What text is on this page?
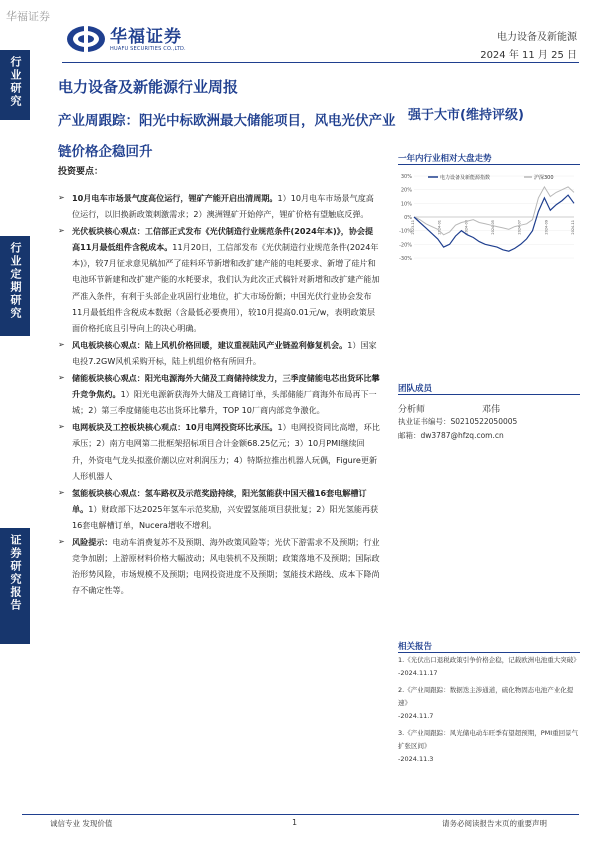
华福证券
华福证券
HUAFU SECURITIES CO.,LTD.
电力设备及新能源
2024 年 11 月 25 日
行业研究
行业定期研究
证券研究报告
电力设备及新能源行业周报
产业周跟踪：阳光中标欧洲最大储能项目，风电光伏产业链价格企稳回升
强于大市(维持评级)
投资要点：

➢ 10月电车市场景气度高位运行，锂矿产能开启出清周期。1）10月电车市场景气度高位运行，以旧换新政策刺激需求；2）澳洲锂矿开始停产，锂矿价格有望触底反弹。

➢ 光伏板块核心观点：工信部正式发布《光伏制造行业规范条件(2024年本)》，协会提高11月最低组件含税成本。11月20日，工信部发布《光伏制造行业规范条件(2024年本)》，较7月征求意见稿加严了硅料环节新增和改扩建产能的电耗要求、新增了硅片和电池环节新建和改扩建产能的水耗要求，我们认为此次正式稿针对新增和改扩建产能加严准入条件，有利于头部企业巩固行业地位，扩大市场份额；中国光伏行业协会发布11月最低组件含税成本数据（含最低必要费用），较10月提高0.01元/w，表明政策层面价格托底且引导向上的决心明确。

➢ 风电板块核心观点：陆上风机价格回暖，建议重视陆风产业链盈利修复机会。1）国家电投7.2GW风机采购开标，陆上机组价格有所回升。

➢ 储能板块核心观点：阳光电源海外大储及工商储持续发力，三季度储能电芯出货环比攀升竞争焦灼。1）阳光电源新获海外大储及工商储订单，头部储能厂商海外布局再下一城；2）第三季度储能电芯出货环比攀升，TOP 10厂商内部竞争激化。

➢ 电网板块及工控板块核心观点：10月电网投资环比承压。1）电网投资同比高增，环比承压；2）南方电网第二批框架招标项目合计金额68.25亿元；3）10月PMI继续回升，外资电气龙头拟涨价潮以应对利润压力；4）特斯拉推出机器人玩偶，Figure更新人形机器人

➢ 氢能板块核心观点：氢车路权及示范奖励持续，阳光氢能获中国天楹16套电解槽订单。1）财政部下达2025年氢车示范奖励，兴安盟氢能项目获批复；2）阳光氢能再获16套电解槽订单，Nucera增收不增利。

➢ 风险提示：电动车消费复苏不及预期、海外政策风险等；光伏下游需求不及预期；行业竞争加剧；上游原材料价格大幅波动；风电装机不及预期；政策落地不及预期；国际政治形势风险，市场规模不及预期；电网投资进度不及预期；氢能技术路线、成本下降尚存不确定性等。

一年内行业相对大盘走势
30%
20%
10%
0%
-10%
-20%
-30%
2023-11	2024-01	2024-03	2024-05	2024-07	2024-09	2024-11
电力设备及新能源指数	沪深300
团队成员
分析师	邓伟
执业证书编号：S0210522050005
邮箱：dw3787@hfzq.com.cn
相关报告
1.《光伏出口退税政策引争价格企稳，记载欧洲电池重大突破》
-2024.11.17
2.《产业周跟踪：数据迭主涉通道，硫化物固态电池产业化提速》
-2024.11.7
3.《产业周跟踪：风光储电动车旺季有望超预期，PMI重回景气扩张区间》
-2024.11.3
诚信专业 发现价值	1	请务必阅读报告末页的重要声明
